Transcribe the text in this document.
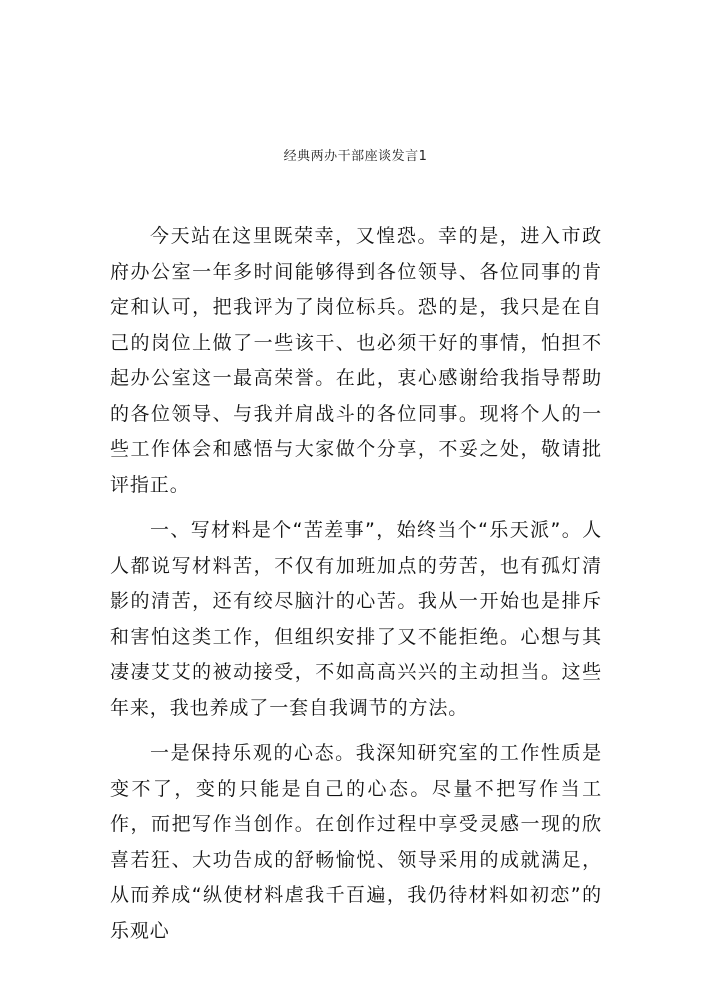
经典两办干部座谈发言1

今天站在这里既荣幸，又惶恐。幸的是，进入市政府办公室一年多时间能够得到各位领导、各位同事的肯定和认可，把我评为了岗位标兵。恐的是，我只是在自己的岗位上做了一些该干、也必须干好的事情，怕担不起办公室这一最高荣誉。在此，衷心感谢给我指导帮助的各位领导、与我并肩战斗的各位同事。现将个人的一些工作体会和感悟与大家做个分享，不妥之处，敬请批评指正。

一、写材料是个“苦差事”，始终当个“乐天派”。人人都说写材料苦，不仅有加班加点的劳苦，也有孤灯清影的清苦，还有绞尽脑汁的心苦。我从一开始也是排斥和害怕这类工作，但组织安排了又不能拒绝。心想与其凄凄艾艾的被动接受，不如高高兴兴的主动担当。这些年来，我也养成了一套自我调节的方法。

一是保持乐观的心态。我深知研究室的工作性质是变不了，变的只能是自己的心态。尽量不把写作当工作，而把写作当创作。在创作过程中享受灵感一现的欣喜若狂、大功告成的舒畅愉悦、领导采用的成就满足，从而养成“纵使材料虐我千百遍，我仍待材料如初恋”的乐观心
